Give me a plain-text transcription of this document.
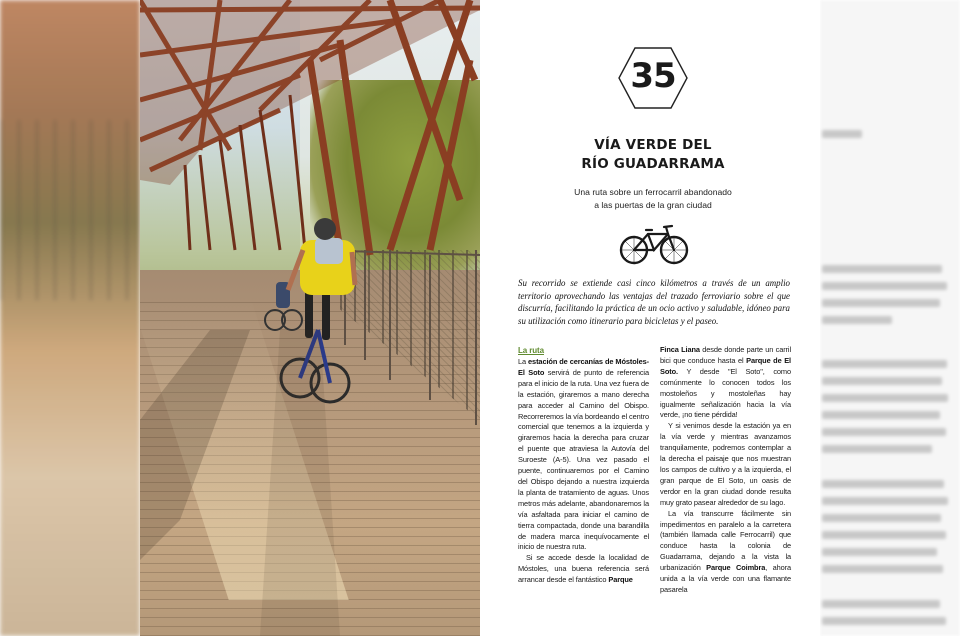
35
VÍA VERDE DEL
RÍO GUADARRAMA
Una ruta sobre un ferrocarril abandonado
a las puertas de la gran ciudad
Su recorrido se extiende casi cinco kilómetros a través de un amplio territorio aprovechando las ventajas del trazado ferroviario sobre el que discurría, facilitando la práctica de un ocio activo y saludable, idóneo para su utilización como itinerario para bicicletas y el paseo.
La ruta

La estación de cercanías de Móstoles-El Soto servirá de punto de referencia para el inicio de la ruta. Una vez fuera de la estación, giraremos a mano derecha para acceder al Camino del Obispo. Recorreremos la vía bordeando el centro comercial que tenemos a la izquierda y giraremos hacia la derecha para cruzar el puente que atraviesa la Autovía del Suroeste (A-5). Una vez pasado el puente, continuaremos por el Camino del Obispo dejando a nuestra izquierda la planta de tratamiento de aguas. Unos metros más adelante, abandonaremos la vía asfaltada para iniciar el camino de tierra compactada, donde una barandilla de madera marca inequívocamente el inicio de nuestra ruta.

Si se accede desde la localidad de Móstoles, una buena referencia será arrancar desde el fantástico Parque

Finca Liana desde donde parte un carril bici que conduce hasta el Parque de El Soto. Y desde "El Soto", como comúnmente lo conocen todos los mostoleños y mostoleñas hay igualmente señalización hacia la vía verde, ¡no tiene pérdida!

Y si venimos desde la estación ya en la vía verde y mientras avanzamos tranquilamente, podremos contemplar a la derecha el paisaje que nos muestran los campos de cultivo y a la izquierda, el gran parque de El Soto, un oasis de verdor en la gran ciudad donde resulta muy grato pasear alrededor de su lago.

La vía transcurre fácilmente sin impedimentos en paralelo a la carretera (también llamada calle Ferrocarril) que conduce hasta la colonia de Guadarrama, dejando a la vista la urbanización Parque Coimbra, ahora unida a la vía verde con una flamante pasarela
